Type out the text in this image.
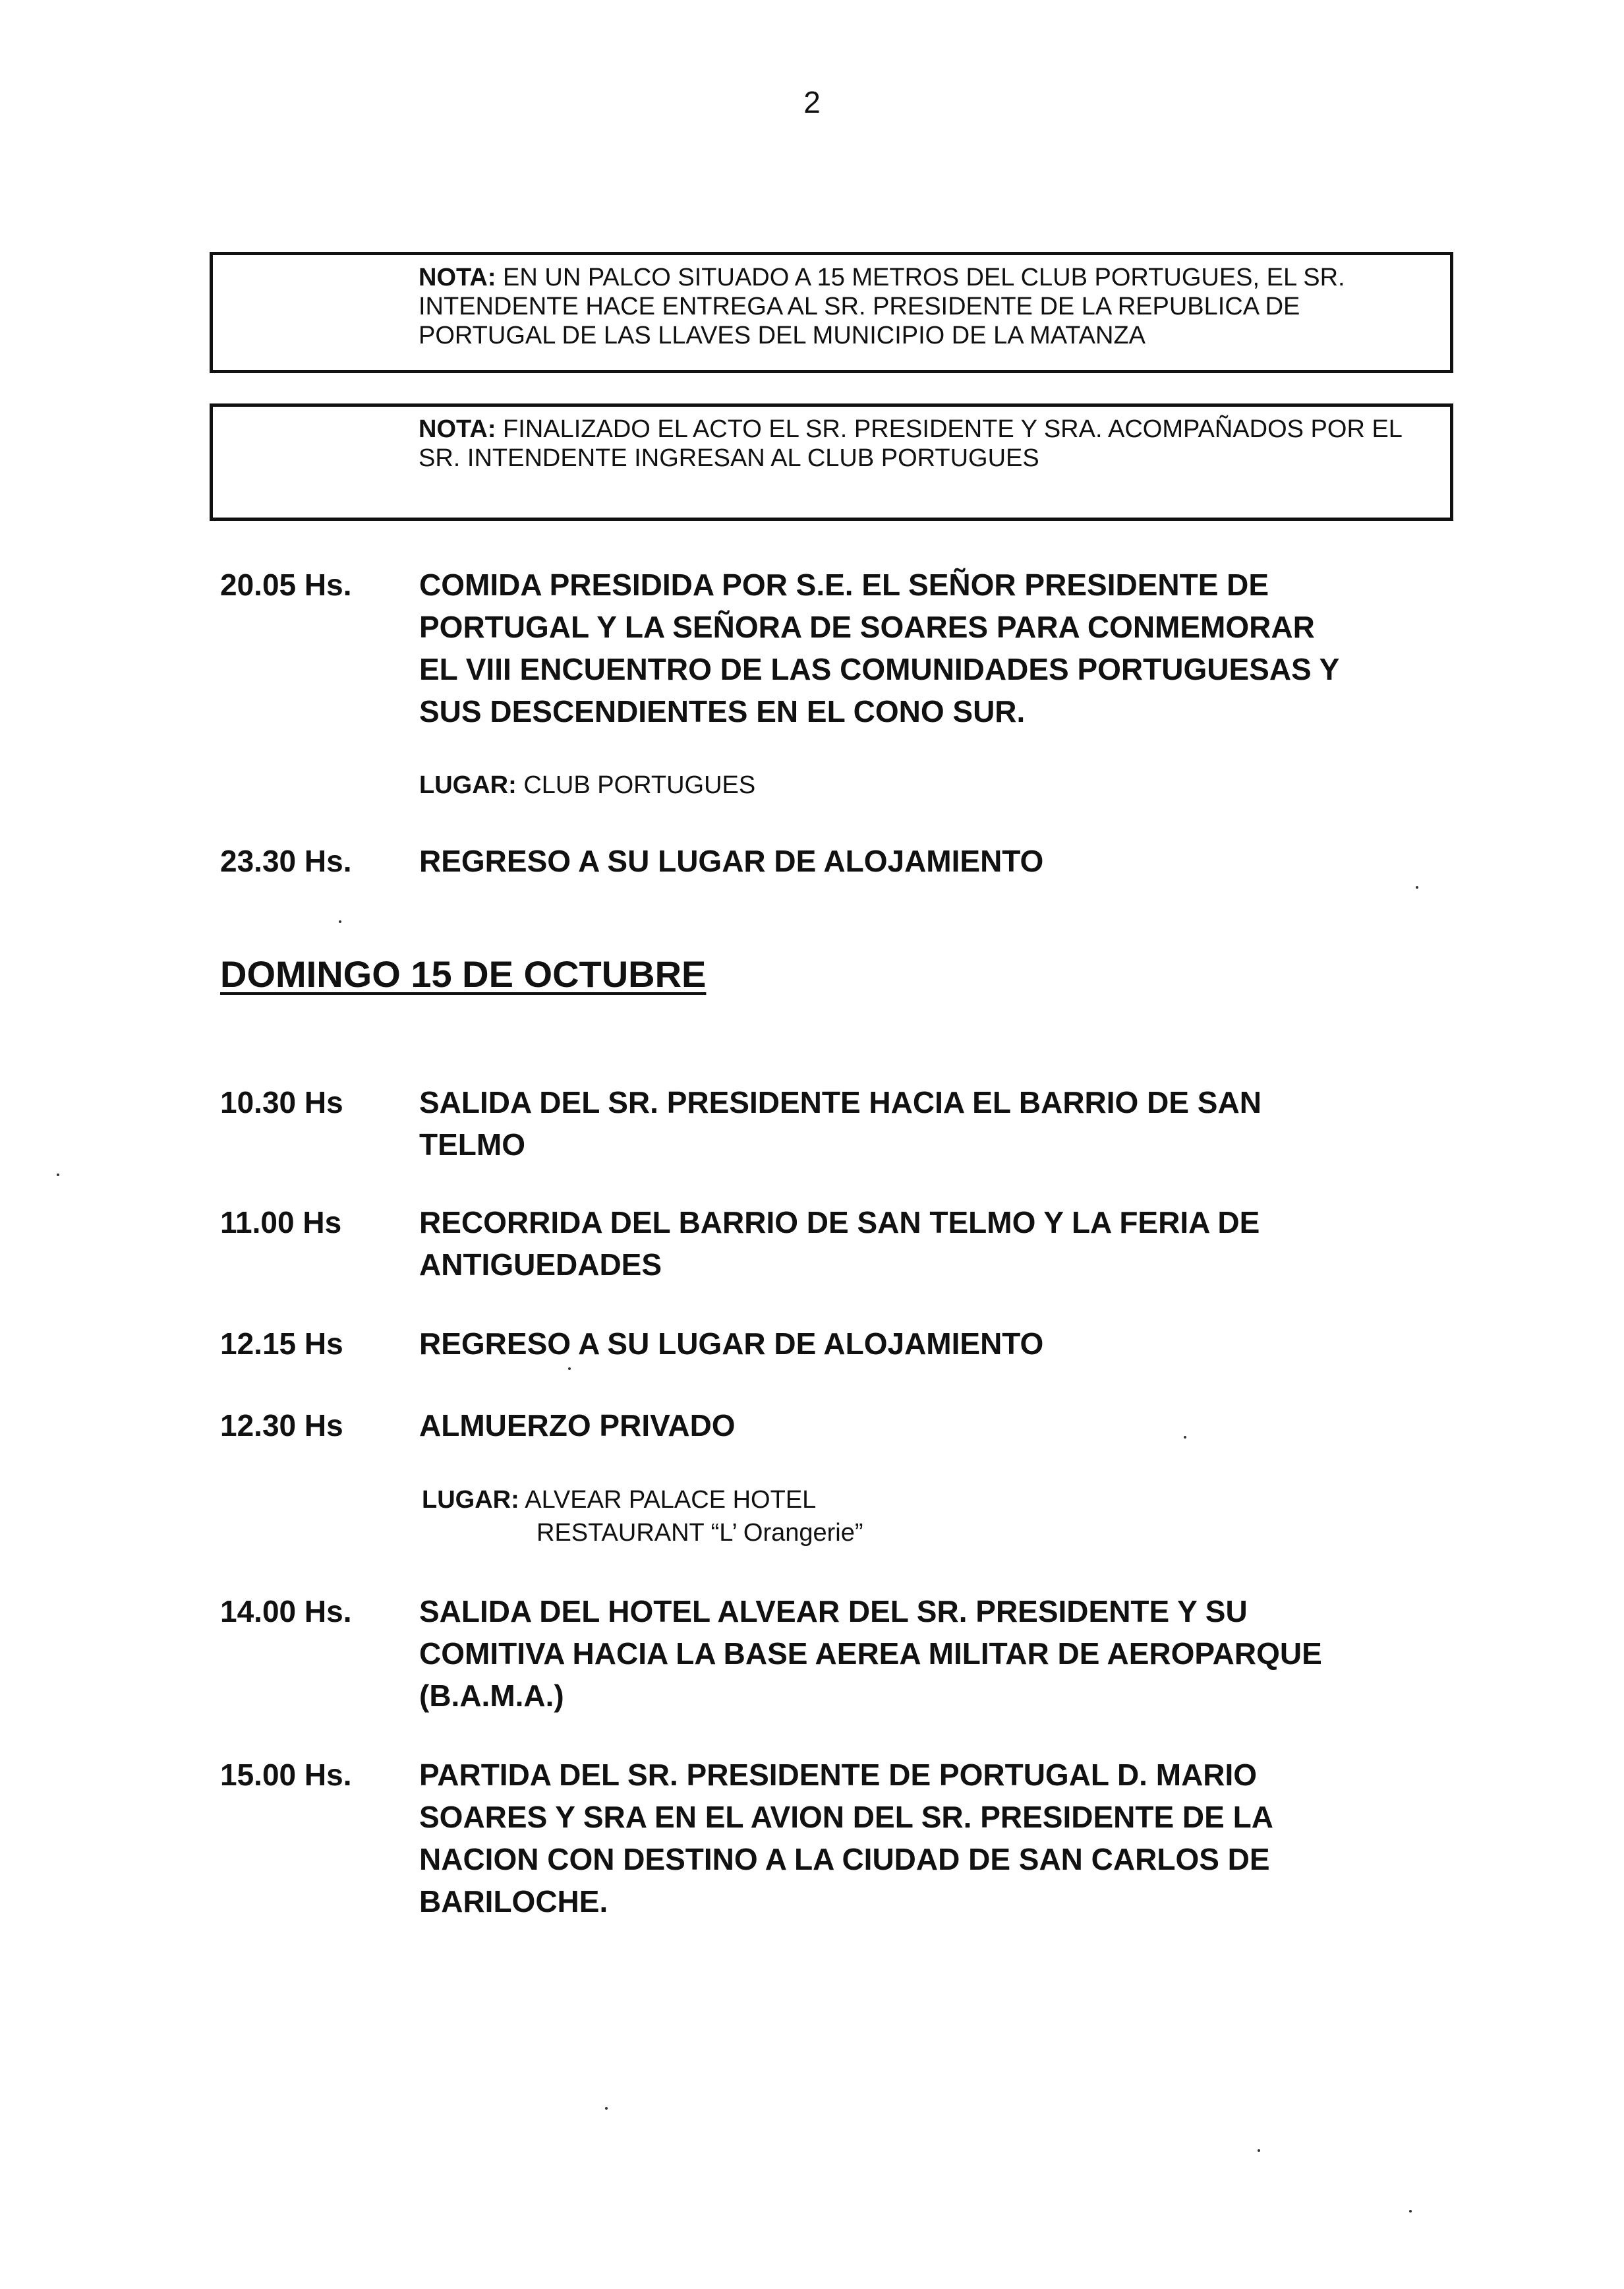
2
NOTA: EN UN PALCO SITUADO A 15 METROS DEL CLUB PORTUGUES, EL SR. INTENDENTE HACE ENTREGA AL SR. PRESIDENTE DE LA REPUBLICA DE PORTUGAL DE LAS LLAVES DEL MUNICIPIO DE LA MATANZA
NOTA: FINALIZADO EL ACTO EL SR. PRESIDENTE Y SRA. ACOMPAÑADOS POR EL SR. INTENDENTE INGRESAN AL CLUB PORTUGUES
20.05 Hs. COMIDA PRESIDIDA POR S.E. EL SEÑOR PRESIDENTE DE
PORTUGAL Y LA SEÑORA DE SOARES PARA CONMEMORAR
EL VIII ENCUENTRO DE LAS COMUNIDADES PORTUGUESAS Y
SUS DESCENDIENTES EN EL CONO SUR.
LUGAR: CLUB PORTUGUES
23.30 Hs. REGRESO A SU LUGAR DE ALOJAMIENTO
DOMINGO 15 DE OCTUBRE
10.30 Hs	SALIDA DEL SR. PRESIDENTE HACIA EL BARRIO DE SAN
TELMO
11.00 Hs	RECORRIDA DEL BARRIO DE SAN TELMO Y LA FERIA DE
ANTIGUEDADES
12.15 Hs	REGRESO A SU LUGAR DE ALOJAMIENTO
12.30 Hs	ALMUERZO PRIVADO
LUGAR: ALVEAR PALACE HOTEL
RESTAURANT “L’ Orangerie”
14.00 Hs. SALIDA DEL HOTEL ALVEAR DEL SR. PRESIDENTE Y SU
COMITIVA HACIA LA BASE AEREA MILITAR DE AEROPARQUE
(B.A.M.A.)
15.00 Hs. PARTIDA DEL SR. PRESIDENTE DE PORTUGAL D. MARIO
SOARES Y SRA EN EL AVION DEL SR. PRESIDENTE DE LA
NACION CON DESTINO A LA CIUDAD DE SAN CARLOS DE
BARILOCHE.
